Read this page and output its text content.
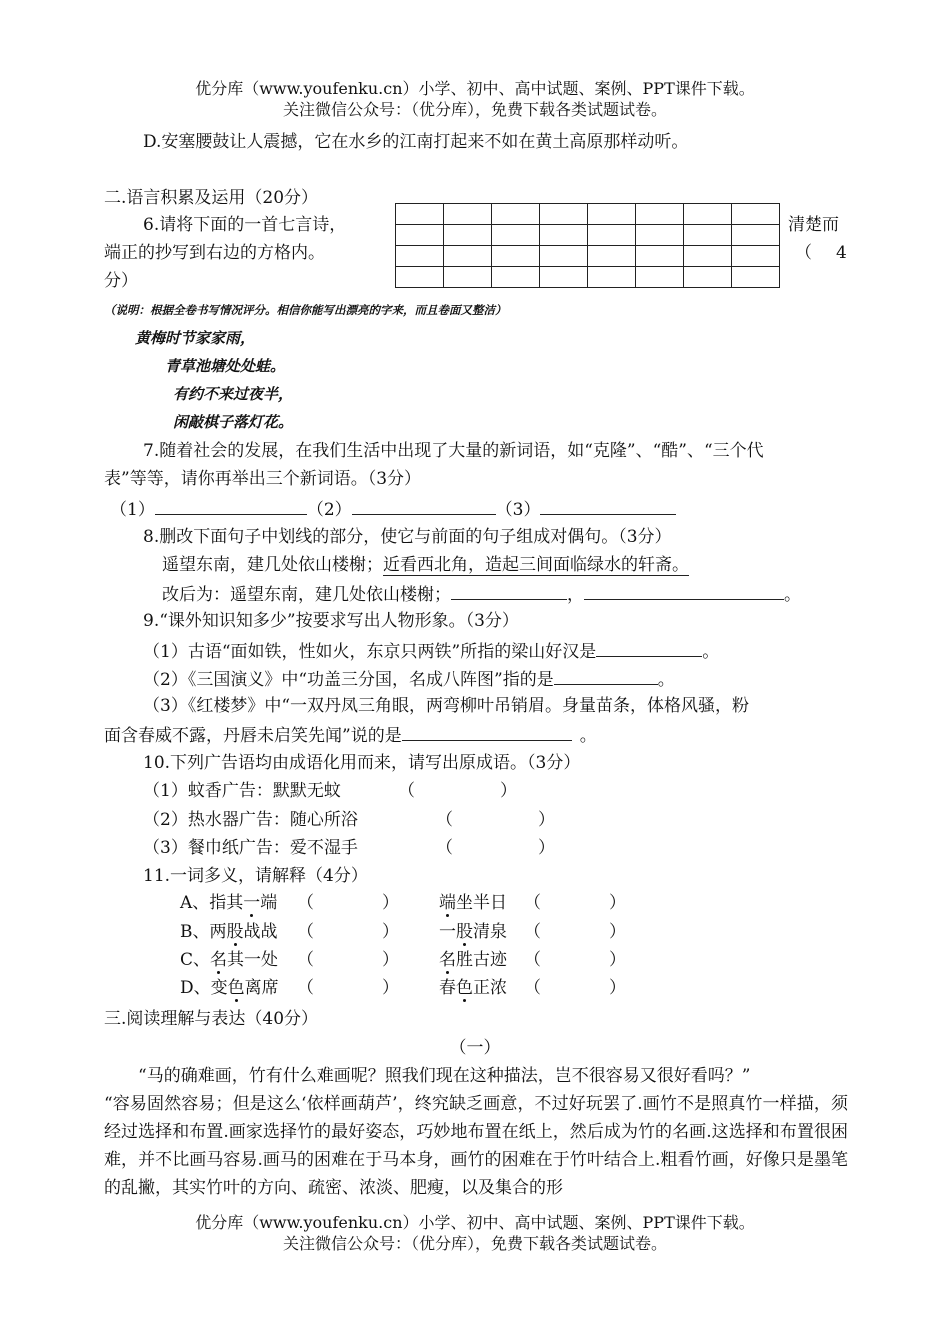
优分库（www.youfenku.cn）小学、初中、高中试题、案例、PPT课件下载。
关注微信公众号：（优分库），免费下载各类试题试卷。
D.安塞腰鼓让人震撼，它在水乡的江南打起来不如在黄土高原那样动听。
二.语言积累及运用（20分）
6.请将下面的一首七言诗，
端正的抄写到右边的方格内。
分）
清楚而
（ 4

（说明：根据全卷书写情况评分。相信你能写出漂亮的字来，而且卷面又整洁）
黄梅时节家家雨，
青草池塘处处蛙。
有约不来过夜半，
闲敲棋子落灯花。
7.随着社会的发展，在我们生活中出现了大量的新词语，如“克隆”、“酷”、“三个代
表”等等，请你再举出三个新词语。（3分）
（1）	（2）	（3）
8.删改下面句子中划线的部分，使它与前面的句子组成对偶句。（3分）
遥望东南，建几处依山楼榭；近看西北角，造起三间面临绿水的轩斋。
改后为：遥望东南，建几处依山楼榭；	，	。
9.“课外知识知多少”按要求写出人物形象。（3分）
（1）古语“面如铁，性如火，东京只两铁”所指的梁山好汉是	。
（2）《三国演义》中“功盖三分国，名成八阵图”指的是	。
（3）《红楼梦》中“一双丹凤三角眼，两弯柳叶吊销眉。身量苗条，体格风骚，粉
面含春威不露，丹唇未启笑先闻”说的是	。
10.下列广告语均由成语化用而来，请写出原成语。（3分）
（1）蚊香广告：默默无蚊	（　　　　　）
（2）热水器广告：随心所浴	（　　　　　）
（3）餐巾纸广告：爱不湿手	（　　　　　）
11.一词多义，请解释（4分）
A、指其一端 （　　　　） 端坐半日 （　　　　）
B、两股战战 （　　　　） 一股清泉 （　　　　）
C、名其一处 （　　　　） 名胜古迹 （　　　　）
D、变色离席 （　　　　） 春色正浓 （　　　　）
三.阅读理解与表达（40分）
（一）
“马的确难画，竹有什么难画呢？照我们现在这种描法，岂不很容易又很好看吗？”
“容易固然容易；但是这么‘依样画葫芦’，终究缺乏画意，不过好玩罢了.画竹不是照真竹一样描，须经过选择和布置.画家选择竹的最好姿态，巧妙地布置在纸上，然后成为竹的名画.这选择和布置很困难，并不比画马容易.画马的困难在于马本身，画竹的困难在于竹叶结合上.粗看竹画，好像只是墨笔的乱撇，其实竹叶的方向、疏密、浓淡、肥瘦，以及集合的形
优分库（www.youfenku.cn）小学、初中、高中试题、案例、PPT课件下载。
关注微信公众号：（优分库），免费下载各类试题试卷。
